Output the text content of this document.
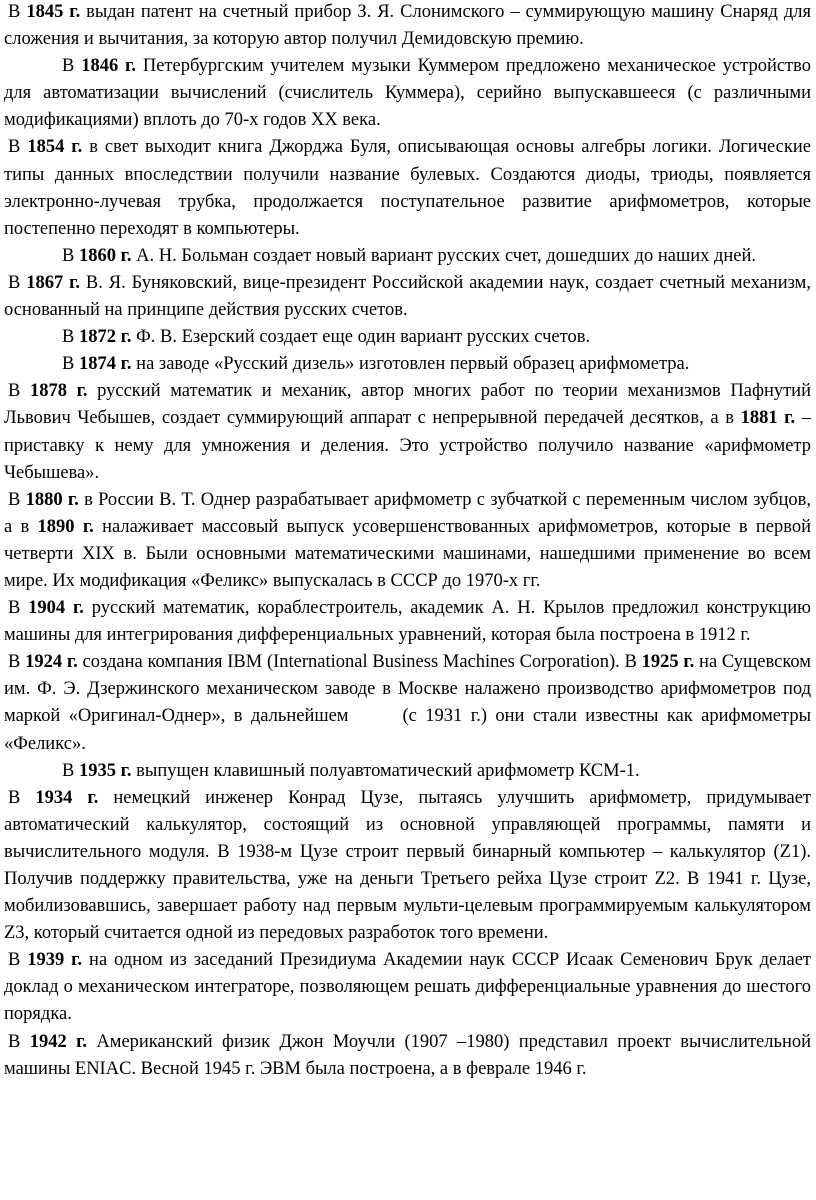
В 1845 г. выдан патент на счетный прибор З. Я. Слонимского – суммирующую машину Снаряд для сложения и вычитания, за которую автор получил Демидовскую премию.

В 1846 г. Петербургским учителем музыки Куммером предложено механическое устройство для автоматизации вычислений (счислитель Куммера), серийно выпускавшееся (с различными модификациями) вплоть до 70-х годов XX века.

В 1854 г. в свет выходит книга Джорджа Буля, описывающая основы алгебры логики. Логические типы данных впоследствии получили название булевых. Создаются диоды, триоды, появляется электронно-лучевая трубка, продолжается поступательное развитие арифмометров, которые постепенно переходят в компьютеры.

В 1860 г. А. Н. Больман создает новый вариант русских счет, дошедших до наших дней.

В 1867 г. В. Я. Буняковский, вице-президент Российской академии наук, создает счетный механизм, основанный на принципе действия русских счетов.

В 1872 г. Ф. В. Езерский создает еще один вариант русских счетов.

В 1874 г. на заводе «Русский дизель» изготовлен первый образец арифмометра.

В 1878 г. русский математик и механик, автор многих работ по теории механизмов Пафнутий Львович Чебышев, создает суммирующий аппарат с непрерывной передачей десятков, а в 1881 г. – приставку к нему для умножения и деления. Это устройство получило название «арифмометр Чебышева».

В 1880 г. в России В. Т. Однер разрабатывает арифмометр с зубчаткой с переменным числом зубцов, а в 1890 г. налаживает массовый выпуск усовершенствованных арифмометров, которые в первой четверти XIX в. Были основными математическими машинами, нашедшими применение во всем мире. Их модификация «Феликс» выпускалась в СССР до 1970-х гг.

В 1904 г. русский математик, кораблестроитель, академик А. Н. Крылов предложил конструкцию машины для интегрирования дифференциальных уравнений, которая была построена в 1912 г.

В 1924 г. создана компания IBM (International Business Machines Corporation). В 1925 г. на Сущевском им. Ф. Э. Дзержинского механическом заводе в Москве налажено производство арифмометров под маркой «Оригинал-Однер», в дальнейшем	(с 1931 г.) они стали известны как арифмометры «Феликс».

В 1935 г. выпущен клавишный полуавтоматический арифмометр КСМ-1.

В 1934 г. немецкий инженер Конрад Цузе, пытаясь улучшить арифмометр, придумывает автоматический калькулятор, состоящий из основной управляющей программы, памяти и вычислительного модуля. В 1938-м Цузе строит первый бинарный компьютер – калькулятор (Z1). Получив поддержку правительства, уже на деньги Третьего рейха Цузе строит Z2. В 1941 г. Цузе, мобилизовавшись, завершает работу над первым мульти-целевым программируемым калькулятором Z3, который считается одной из передовых разработок того времени.

В 1939 г. на одном из заседаний Президиума Академии наук СССР Исаак Семенович Брук делает доклад о механическом интеграторе, позволяющем решать дифференциальные уравнения до шестого порядка.

В 1942 г. Американский физик Джон Моучли (1907 –1980) представил проект вычислительной машины ENIAC. Весной 1945 г. ЭВМ была построена, а в феврале 1946 г.
